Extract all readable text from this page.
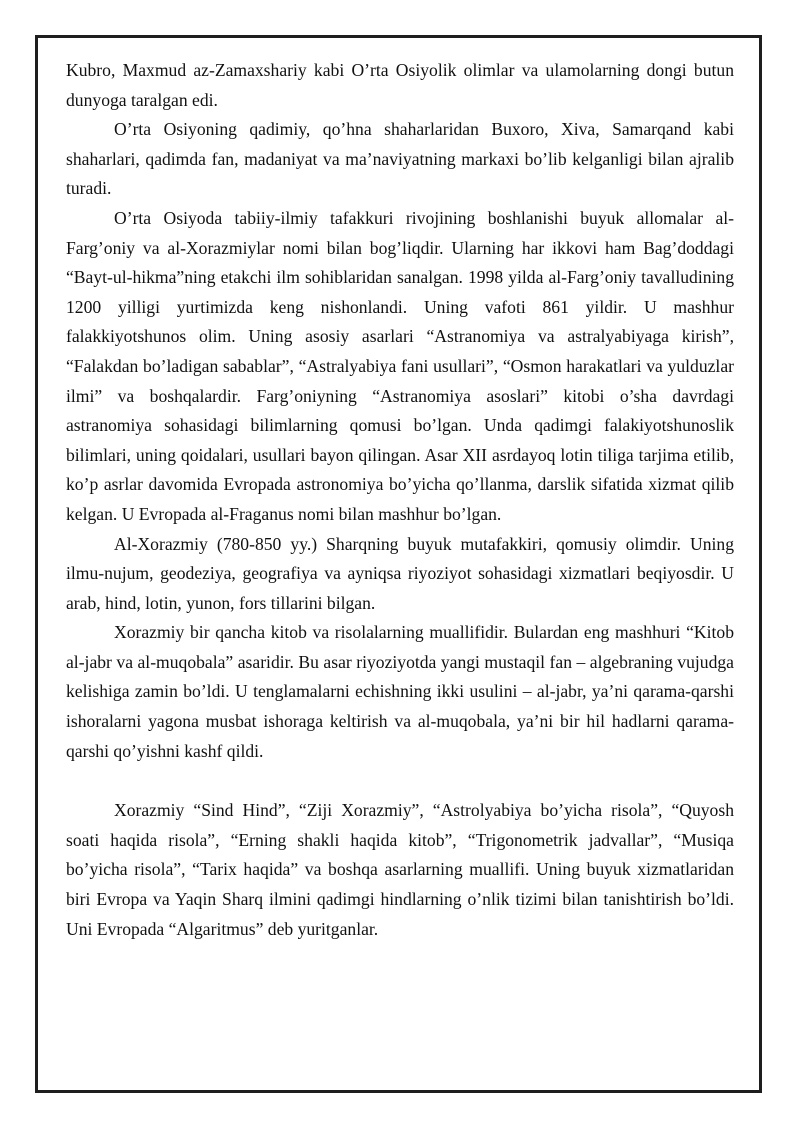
Kubro, Maxmud az-Zamaxshariy kabi O’rta Osiyolik olimlar va ulamolarning dongi butun dunyoga taralgan edi.

O’rta Osiyoning qadimiy, qo’hna shaharlaridan Buxoro, Xiva, Samarqand kabi shaharlari, qadimda fan, madaniyat va ma’naviyatning markaxi bo’lib kelganligi bilan ajralib turadi.

O’rta Osiyoda tabiiy-ilmiy tafakkuri rivojining boshlanishi buyuk allomalar al-Farg’oniy va al-Xorazmiylar nomi bilan bog’liqdir. Ularning har ikkovi ham Bag’doddagi “Bayt-ul-hikma”ning etakchi ilm sohiblaridan sanalgan. 1998 yilda al-Farg’oniy tavalludining 1200 yilligi yurtimizda keng nishonlandi. Uning vafoti 861 yildir. U mashhur falakkiyotshunos olim. Uning asosiy asarlari “Astranomiya va astralyabiyaga kirish”, “Falakdan bo’ladigan sabablar”, “Astralyabiya fani usullari”, “Osmon harakatlari va yulduzlar ilmi” va boshqalardir. Farg’oniyning “Astranomiya asoslari” kitobi o’sha davrdagi astranomiya sohasidagi bilimlarning qomusi bo’lgan. Unda qadimgi falakiyotshunoslik bilimlari, uning qoidalari, usullari bayon qilingan. Asar XII asrdayoq lotin tiliga tarjima etilib, ko’p asrlar davomida Evropada astronomiya bo’yicha qo’llanma, darslik sifatida xizmat qilib kelgan. U Evropada al-Fraganus nomi bilan mashhur bo’lgan.

Al-Xorazmiy (780-850 yy.) Sharqning buyuk mutafakkiri, qomusiy olimdir. Uning ilmu-nujum, geodeziya, geografiya va ayniqsa riyoziyot sohasidagi xizmatlari beqiyosdir. U arab, hind, lotin, yunon, fors tillarini bilgan.

Xorazmiy bir qancha kitob va risolalarning muallifidir. Bulardan eng mashhuri “Kitob al-jabr va al-muqobala” asaridir. Bu asar riyoziyotda yangi mustaqil fan – algebraning vujudga kelishiga zamin bo’ldi. U tenglamalarni echishning ikki usulini – al-jabr, ya’ni qarama-qarshi ishoralarni yagona musbat ishoraga keltirish va al-muqobala, ya’ni bir hil hadlarni qarama-qarshi qo’yishni kashf qildi.

Xorazmiy “Sind Hind”, “Ziji Xorazmiy”, “Astrolyabiya bo’yicha risola”, “Quyosh soati haqida risola”, “Erning shakli haqida kitob”, “Trigonometrik jadvallar”, “Musiqa bo’yicha risola”, “Tarix haqida” va boshqa asarlarning muallifi. Uning buyuk xizmatlaridan biri Evropa va Yaqin Sharq ilmini qadimgi hindlarning o’nlik tizimi bilan tanishtirish bo’ldi. Uni Evropada “Algaritmus” deb yuritganlar.
